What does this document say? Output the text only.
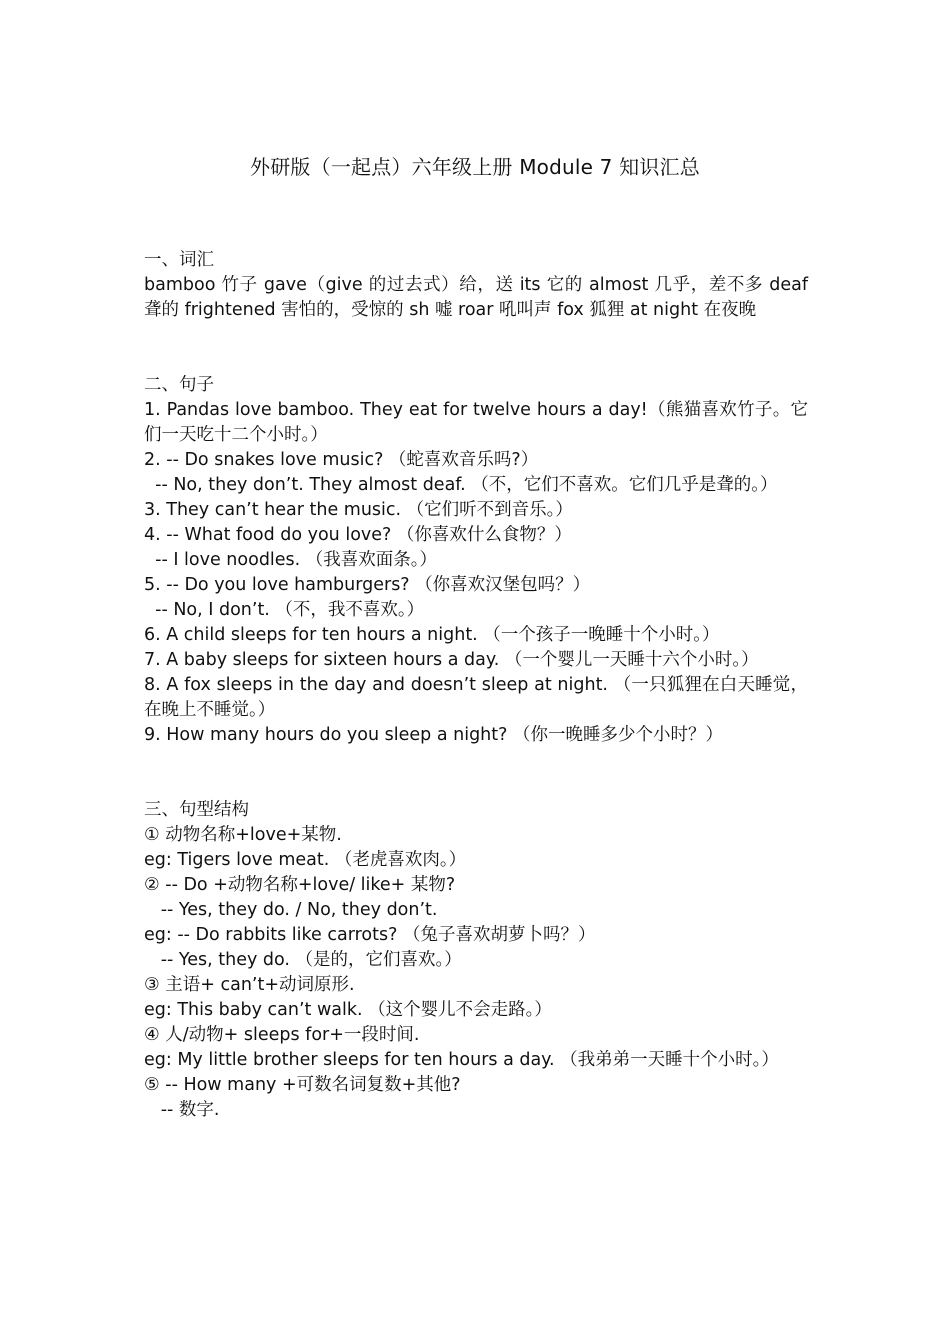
外研版（一起点）六年级上册 Module 7 知识汇总
一、词汇
bamboo 竹子 gave（give 的过去式）给，送 its 它的 almost 几乎，差不多 deaf 聋的 frightened 害怕的，受惊的 sh 嘘 roar 吼叫声 fox 狐狸 at night 在夜晚
二、句子
1. Pandas love bamboo. They eat for twelve hours a day!（熊猫喜欢竹子。它们一天吃十二个小时。）
2. -- Do snakes love music? （蛇喜欢音乐吗?）
-- No, they don’t. They almost deaf. （不，它们不喜欢。它们几乎是聋的。）
3. They can’t hear the music. （它们听不到音乐。）
4. -- What food do you love? （你喜欢什么食物？）
-- I love noodles. （我喜欢面条。）
5. -- Do you love hamburgers? （你喜欢汉堡包吗？）
-- No, I don’t. （不，我不喜欢。）
6. A child sleeps for ten hours a night. （一个孩子一晚睡十个小时。）
7. A baby sleeps for sixteen hours a day. （一个婴儿一天睡十六个小时。）
8. A fox sleeps in the day and doesn’t sleep at night. （一只狐狸在白天睡觉，在晚上不睡觉。）
9. How many hours do you sleep a night? （你一晚睡多少个小时？）
三、句型结构
① 动物名称+love+某物.
eg: Tigers love meat. （老虎喜欢肉。）
② -- Do +动物名称+love/ like+ 某物?
-- Yes, they do. / No, they don’t.
eg: -- Do rabbits like carrots? （兔子喜欢胡萝卜吗？）
-- Yes, they do. （是的，它们喜欢。）
③ 主语+ can’t+动词原形.
eg: This baby can’t walk. （这个婴儿不会走路。）
④ 人/动物+ sleeps for+一段时间.
eg: My little brother sleeps for ten hours a day. （我弟弟一天睡十个小时。）
⑤ -- How many +可数名词复数+其他?
-- 数字.
